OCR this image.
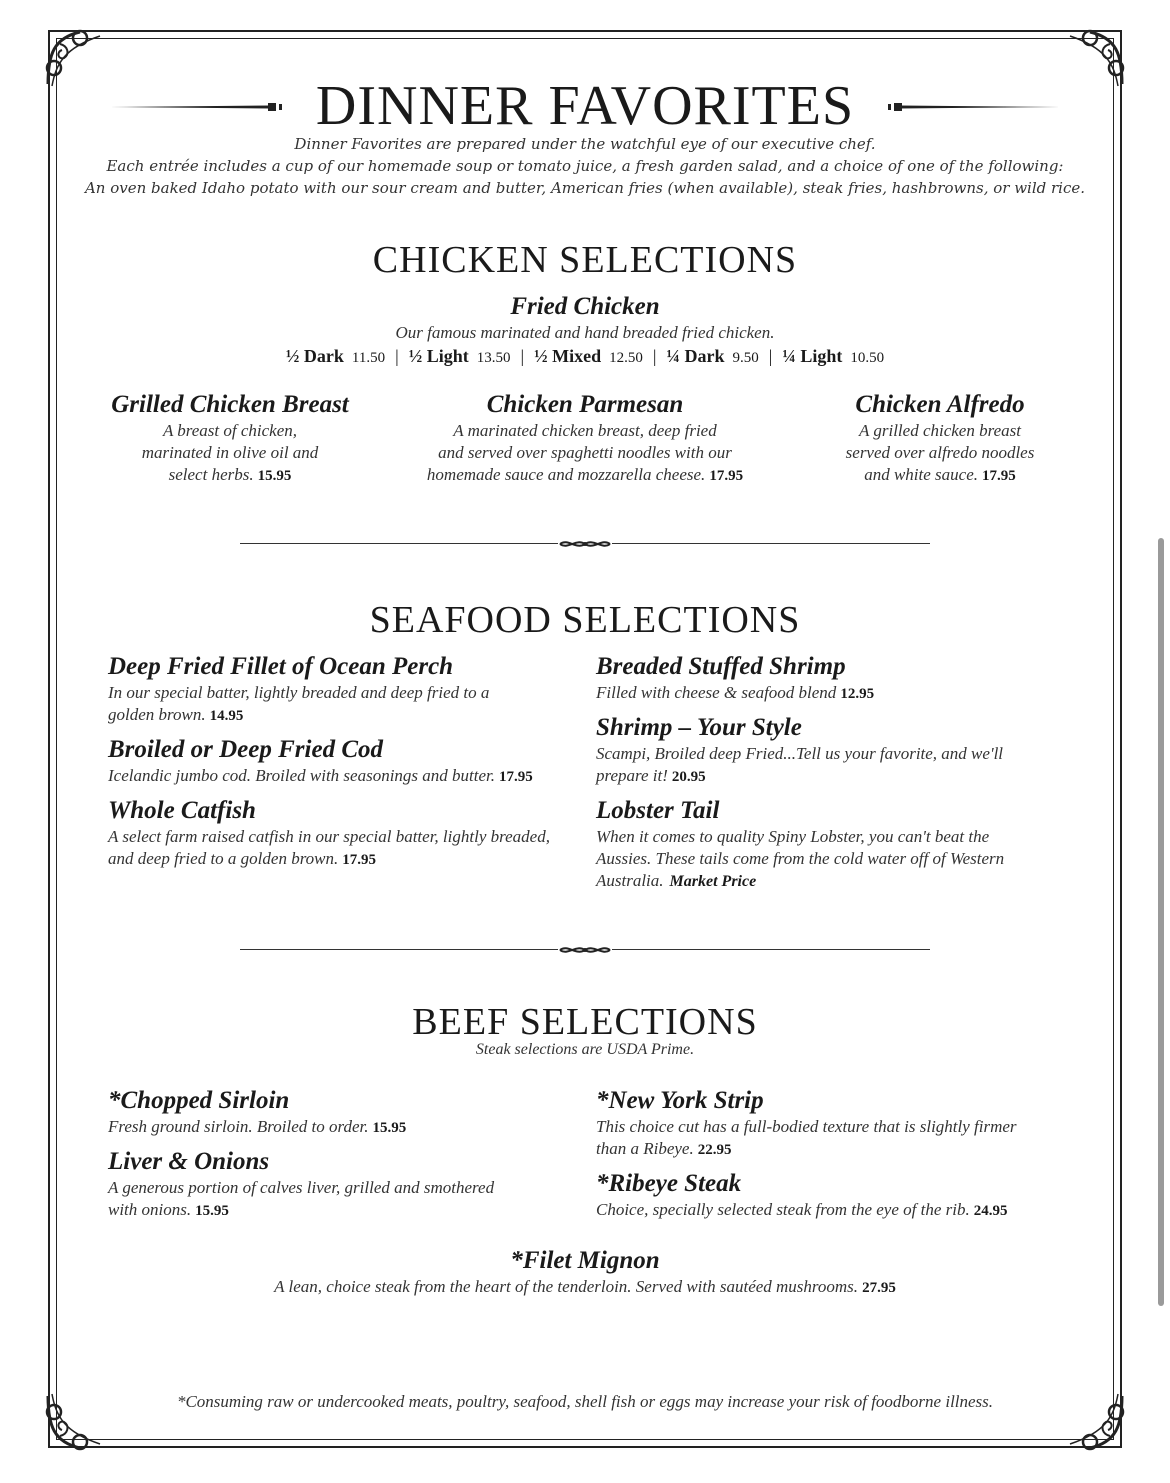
DINNER FAVORITES
Dinner Favorites are prepared under the watchful eye of our executive chef.
Each entrée includes a cup of our homemade soup or tomato juice, a fresh garden salad, and a choice of one of the following:
An oven baked Idaho potato with our sour cream and butter, American fries (when available), steak fries, hashbrowns, or wild rice.
CHICKEN SELECTIONS
Fried Chicken
Our famous marinated and hand breaded fried chicken.
½ Dark 11.50 | ½ Light 13.50 | ½ Mixed 12.50 | ¼ Dark 9.50 | ¼ Light 10.50
Grilled Chicken Breast
A breast of chicken,
marinated in olive oil and
select herbs. 15.95
Chicken Parmesan
A marinated chicken breast, deep fried
and served over spaghetti noodles with our
homemade sauce and mozzarella cheese. 17.95
Chicken Alfredo
A grilled chicken breast
served over alfredo noodles
and white sauce. 17.95
SEAFOOD SELECTIONS
Deep Fried Fillet of Ocean Perch
In our special batter, lightly breaded and deep fried to a
golden brown. 14.95
Broiled or Deep Fried Cod
Icelandic jumbo cod. Broiled with seasonings and butter. 17.95
Whole Catfish
A select farm raised catfish in our special batter, lightly breaded,
and deep fried to a golden brown. 17.95
Breaded Stuffed Shrimp
Filled with cheese & seafood blend 12.95
Shrimp – Your Style
Scampi, Broiled deep Fried...Tell us your favorite, and we'll
prepare it! 20.95
Lobster Tail
When it comes to quality Spiny Lobster, you can't beat the
Aussies. These tails come from the cold water off of Western
Australia. Market Price
BEEF SELECTIONS
Steak selections are USDA Prime.
*Chopped Sirloin
Fresh ground sirloin. Broiled to order. 15.95
Liver & Onions
A generous portion of calves liver, grilled and smothered
with onions. 15.95
*New York Strip
This choice cut has a full-bodied texture that is slightly firmer
than a Ribeye. 22.95
*Ribeye Steak
Choice, specially selected steak from the eye of the rib. 24.95
*Filet Mignon
A lean, choice steak from the heart of the tenderloin. Served with sautéed mushrooms. 27.95
*Consuming raw or undercooked meats, poultry, seafood, shell fish or eggs may increase your risk of foodborne illness.
